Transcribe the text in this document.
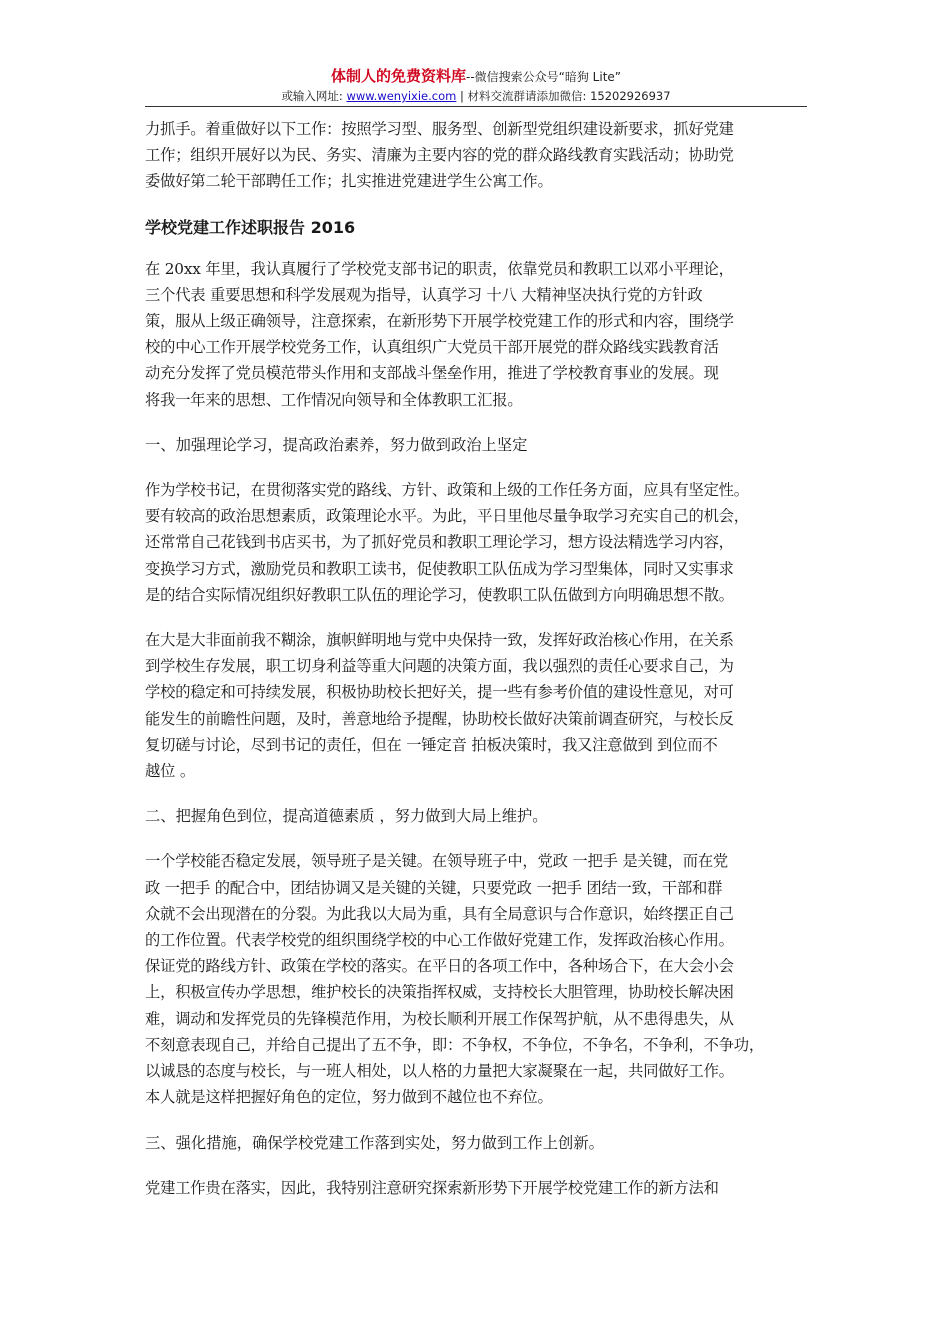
体制人的免费资料库--微信搜索公众号“暗狗 Lite”
或输入网址: www.wenyixie.com | 材料交流群请添加微信: 15202926937
力抓手。着重做好以下工作：按照学习型、服务型、创新型党组织建设新要求，抓好党建
工作；组织开展好以为民、务实、清廉为主要内容的党的群众路线教育实践活动；协助党
委做好第二轮干部聘任工作；扎实推进党建进学生公寓工作。
学校党建工作述职报告 2016
在 20xx 年里，我认真履行了学校党支部书记的职责，依靠党员和教职工以邓小平理论，
三个代表 重要思想和科学发展观为指导，认真学习 十八 大精神坚决执行党的方针政
策，服从上级正确领导，注意探索，在新形势下开展学校党建工作的形式和内容，围绕学
校的中心工作开展学校党务工作，认真组织广大党员干部开展党的群众路线实践教育活
动充分发挥了党员模范带头作用和支部战斗堡垒作用，推进了学校教育事业的发展。现
将我一年来的思想、工作情况向领导和全体教职工汇报。
一、加强理论学习，提高政治素养，努力做到政治上坚定
作为学校书记，在贯彻落实党的路线、方针、政策和上级的工作任务方面，应具有坚定性。
要有较高的政治思想素质，政策理论水平。为此，平日里他尽量争取学习充实自己的机会，
还常常自己花钱到书店买书，为了抓好党员和教职工理论学习，想方设法精选学习内容，
变换学习方式，激励党员和教职工读书，促使教职工队伍成为学习型集体，同时又实事求
是的结合实际情况组织好教职工队伍的理论学习，使教职工队伍做到方向明确思想不散。
在大是大非面前我不糊涂，旗帜鲜明地与党中央保持一致，发挥好政治核心作用，在关系
到学校生存发展，职工切身利益等重大问题的决策方面，我以强烈的责任心要求自己，为
学校的稳定和可持续发展，积极协助校长把好关，提一些有参考价值的建设性意见，对可
能发生的前瞻性问题，及时，善意地给予提醒，协助校长做好决策前调查研究，与校长反
复切磋与讨论，尽到书记的责任，但在 一锤定音 拍板决策时，我又注意做到 到位而不
越位 。
二、把握角色到位，提高道德素质 ，努力做到大局上维护。
一个学校能否稳定发展，领导班子是关键。在领导班子中，党政 一把手 是关键，而在党
政 一把手 的配合中，团结协调又是关键的关键，只要党政 一把手 团结一致，干部和群
众就不会出现潜在的分裂。为此我以大局为重，具有全局意识与合作意识，始终摆正自己
的工作位置。代表学校党的组织围绕学校的中心工作做好党建工作，发挥政治核心作用。
保证党的路线方针、政策在学校的落实。在平日的各项工作中，各种场合下，在大会小会
上，积极宣传办学思想，维护校长的决策指挥权威，支持校长大胆管理，协助校长解决困
难，调动和发挥党员的先锋模范作用，为校长顺利开展工作保驾护航，从不患得患失，从
不刻意表现自己，并给自己提出了五不争，即：不争权，不争位，不争名，不争利，不争功，
以诚恳的态度与校长，与一班人相处，以人格的力量把大家凝聚在一起，共同做好工作。
本人就是这样把握好角色的定位，努力做到不越位也不弃位。
三、强化措施，确保学校党建工作落到实处，努力做到工作上创新。
党建工作贵在落实，因此，我特别注意研究探索新形势下开展学校党建工作的新方法和
